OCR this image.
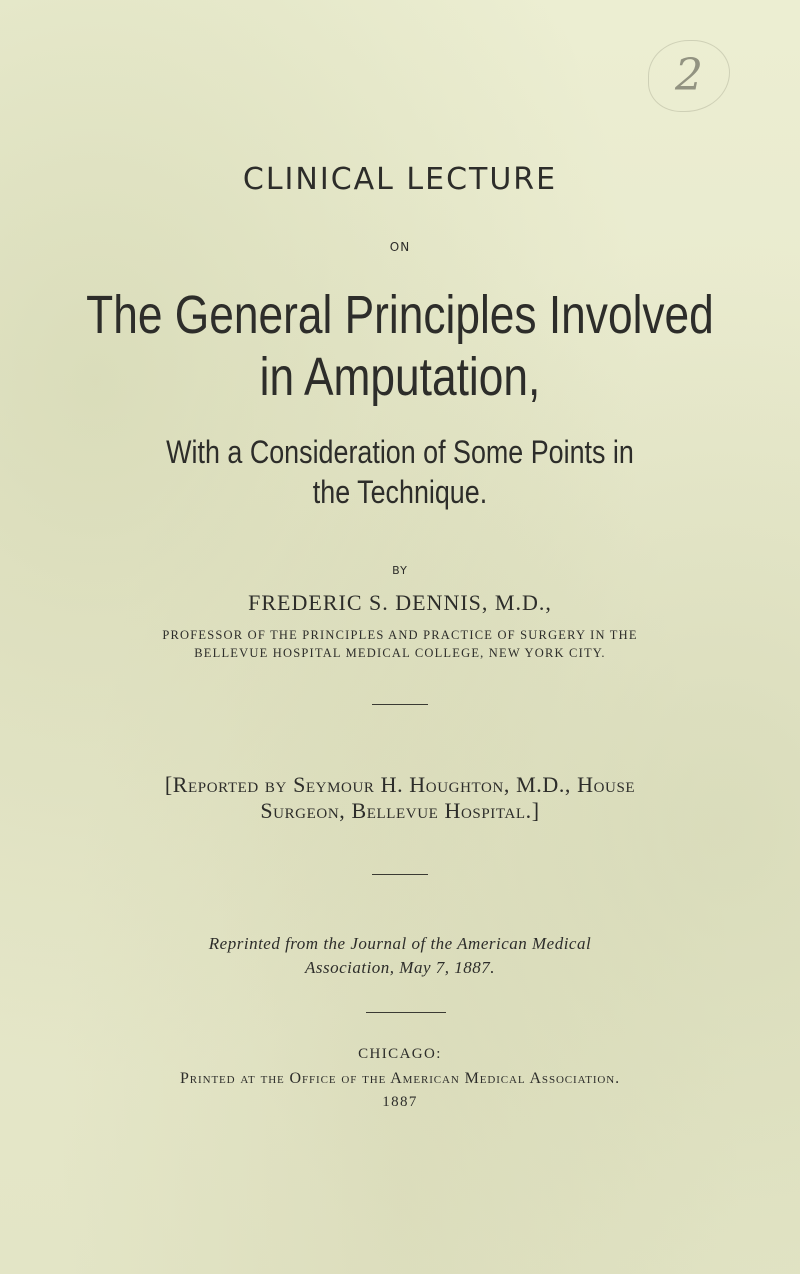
2
CLINICAL LECTURE
ON
The General Principles Involved
in Amputation,
With a Consideration of Some Points in
the Technique.
BY
FREDERIC S. DENNIS, M.D.,
PROFESSOR OF THE PRINCIPLES AND PRACTICE OF SURGERY IN THE
BELLEVUE HOSPITAL MEDICAL COLLEGE, NEW YORK CITY.
[Reported by Seymour H. Houghton, M.D., House
Surgeon, Bellevue Hospital.]
Reprinted from the Journal of the American Medical
Association, May 7, 1887.
CHICAGO:
Printed at the Office of the American Medical Association.
1887
